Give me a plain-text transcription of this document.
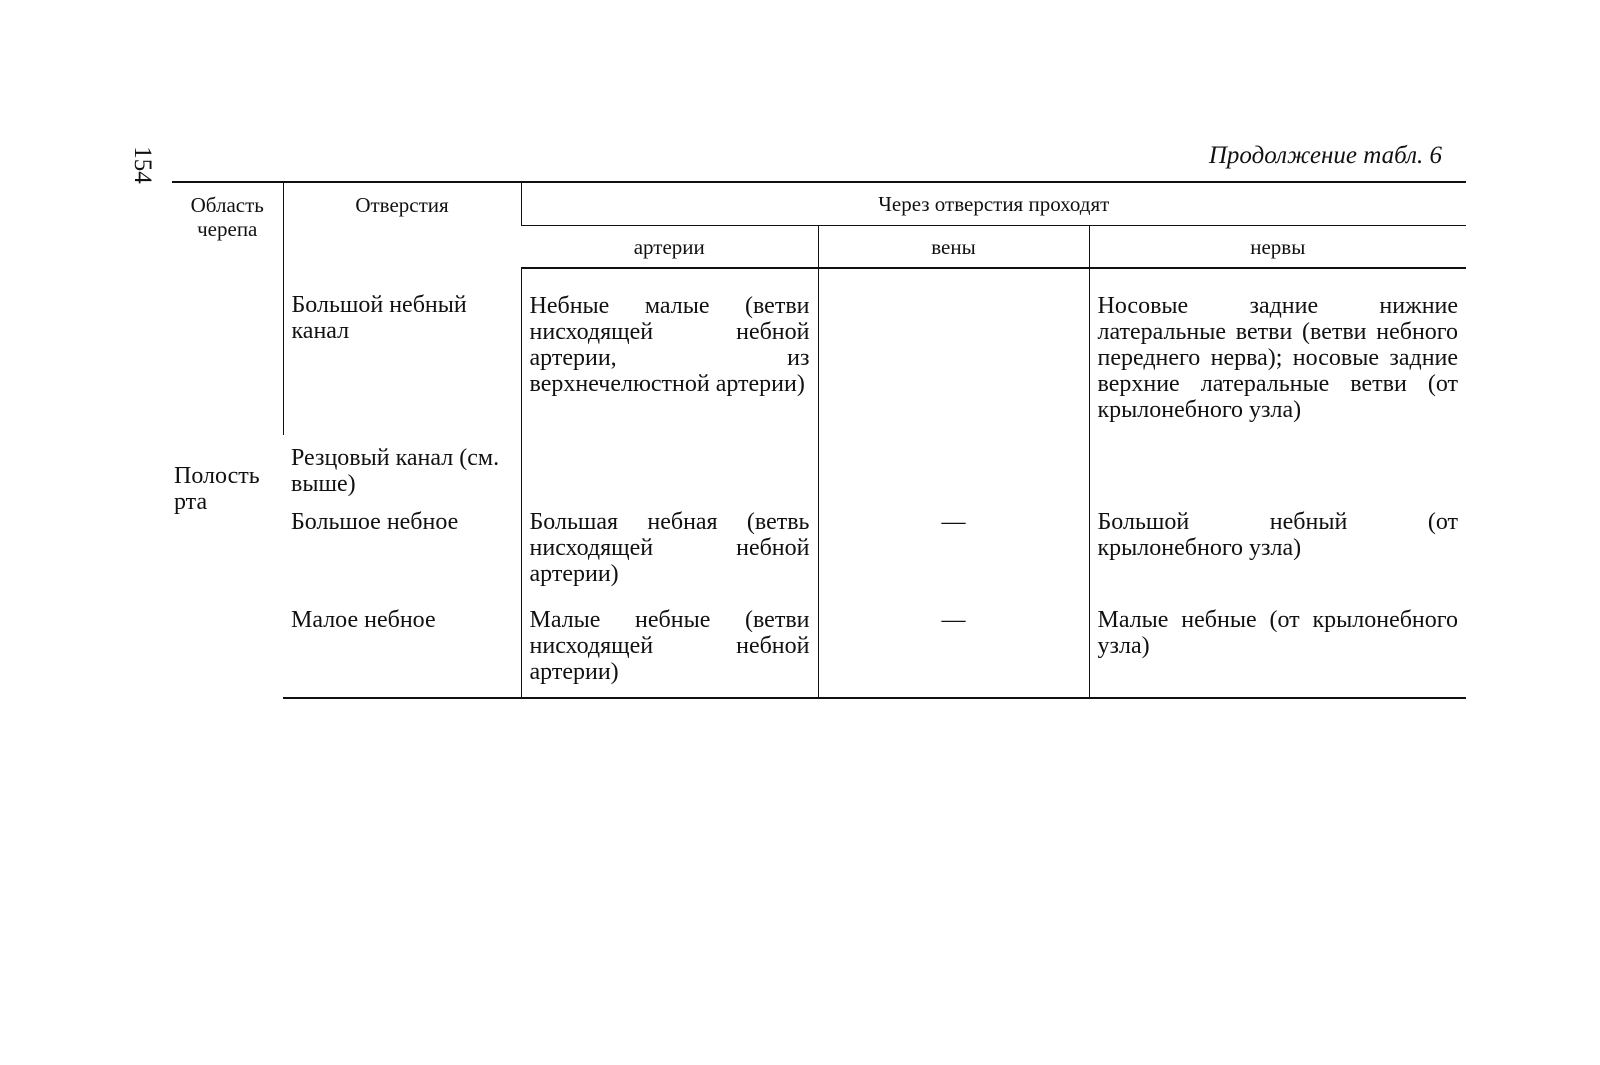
154	Продолжение табл. 6
Область черепа	Отверстия	Через отверстия проходят		
		артерии	вены	нервы
Полость рта	Большой небный канал	Небные малые (ветви нисходящей небной артерии, из верхнечелюстной артерии)		Носовые задние нижние латеральные ветви (ветви небного переднего нерва); носовые задние верхние латеральные ветви (от крылонебного узла)
	Резцовый канал (см. выше)			
	Большое небное	Большая небная (ветвь нисходящей небной артерии)	—	Большой небный (от крылонебного узла)
	Малое небное	Малые небные (ветви нисходящей небной артерии)	—	Малые небные (от крылонебного узла)
